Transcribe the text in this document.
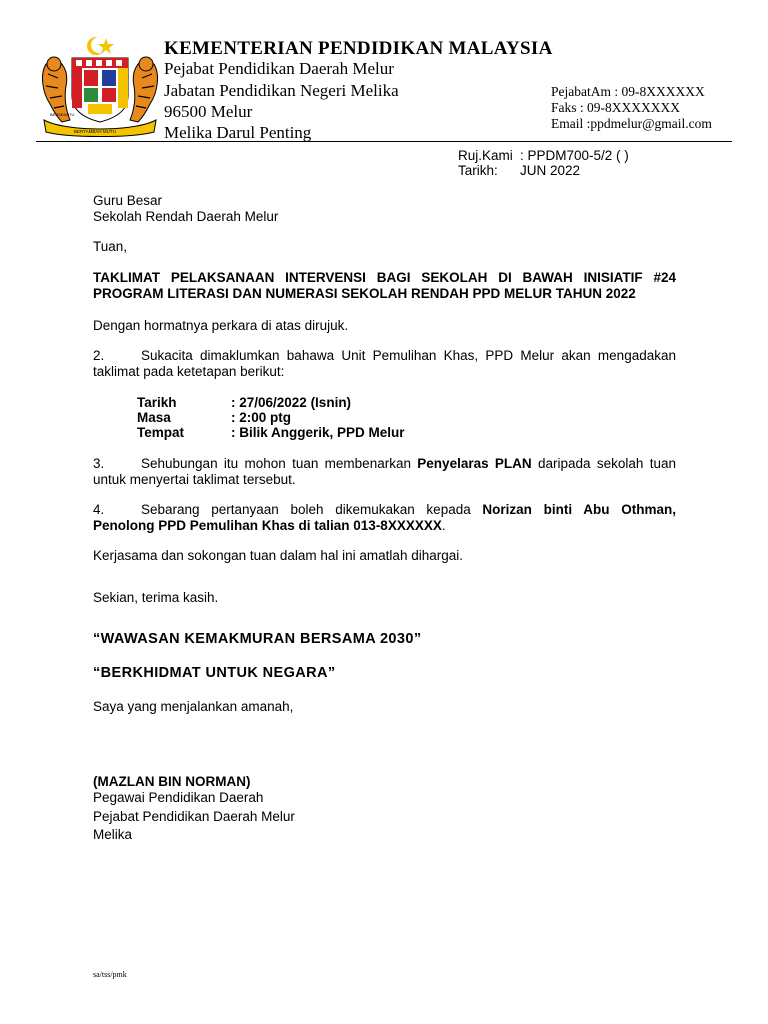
BERSEKUTU
BERTAMBAH MUTU
KEMENTERIAN PENDIDIKAN MALAYSIA
Pejabat Pendidikan Daerah Melur
Jabatan Pendidikan Negeri Melika
96500 Melur
Melika Darul Penting
PejabatAm : 09-8XXXXXX
Faks : 09-8XXXXXXX
Email :ppdmelur@gmail.com
Ruj.Kami : PPDM700-5/2 ( )
Tarikh: JUN 2022
Guru Besar
Sekolah Rendah Daerah Melur
Tuan,
TAKLIMAT PELAKSANAAN INTERVENSI BAGI SEKOLAH DI BAWAH INISIATIF #24
PROGRAM LITERASI DAN NUMERASI SEKOLAH RENDAH PPD MELUR TAHUN 2022
Dengan hormatnya perkara di atas dirujuk.
2.	Sukacita dimaklumkan bahawa Unit Pemulihan Khas, PPD Melur akan mengadakan taklimat pada ketetapan berikut:
Tarikh	: 27/06/2022 (Isnin)
Masa	: 2:00 ptg
Tempat	: Bilik Anggerik, PPD Melur
3.	Sehubungan itu mohon tuan membenarkan Penyelaras PLAN daripada sekolah tuan untuk menyertai taklimat tersebut.
4.	Sebarang pertanyaan boleh dikemukakan kepada Norizan binti Abu Othman, Penolong PPD Pemulihan Khas di talian 013-8XXXXXX.
Kerjasama dan sokongan tuan dalam hal ini amatlah dihargai.
Sekian, terima kasih.
“WAWASAN KEMAKMURAN BERSAMA 2030”
“BERKHIDMAT UNTUK NEGARA”
Saya yang menjalankan amanah,
(MAZLAN BIN NORMAN)
Pegawai Pendidikan Daerah
Pejabat Pendidikan Daerah Melur
Melika
sa/tss/pmk
